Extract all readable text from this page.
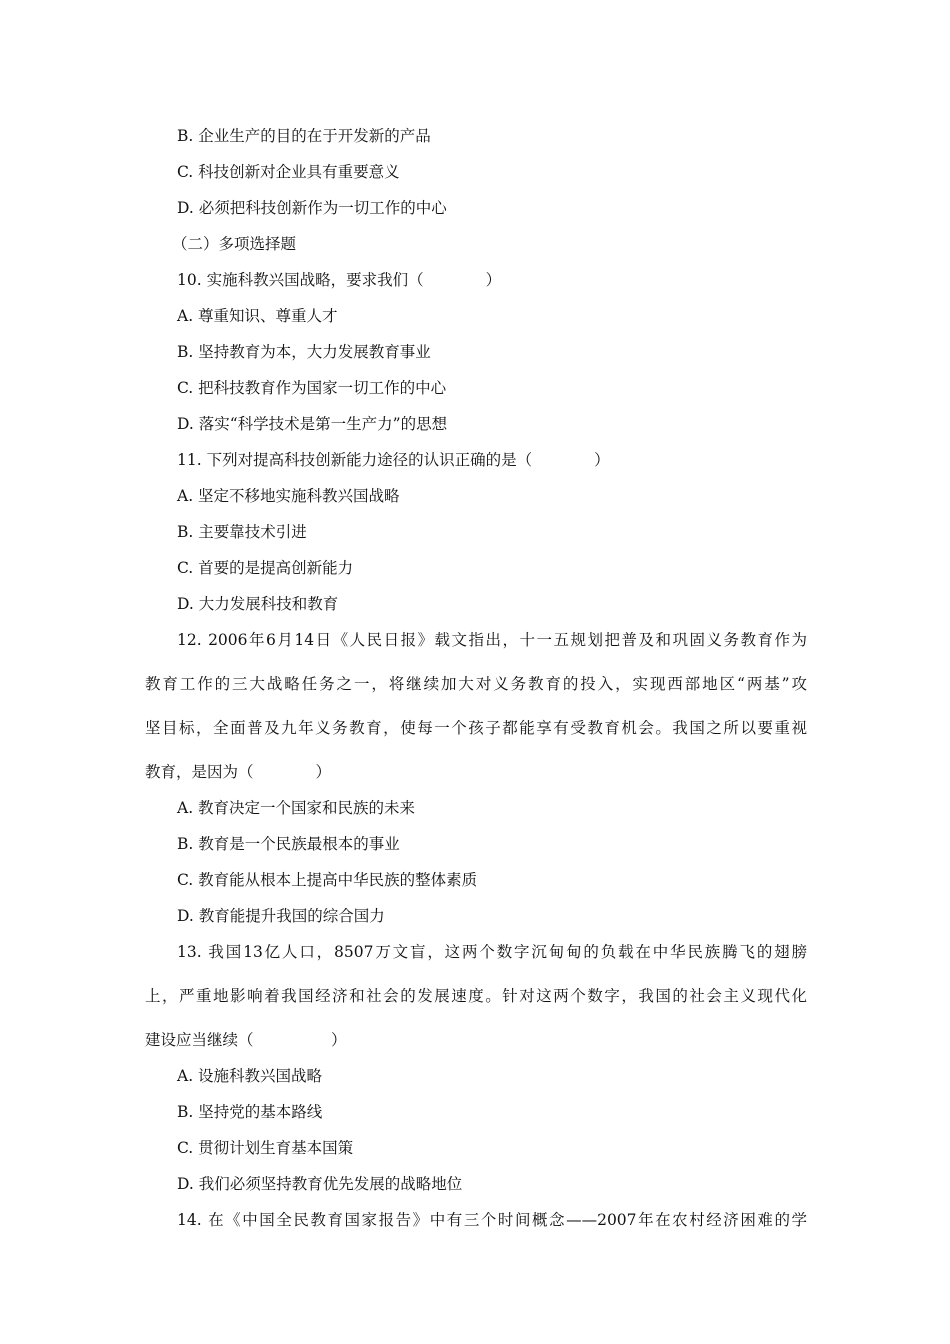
B. 企业生产的目的在于开发新的产品
C. 科技创新对企业具有重要意义
D. 必须把科技创新作为一切工作的中心
（二）多项选择题
10. 实施科教兴国战略，要求我们（　　　　）
A. 尊重知识、尊重人才
B. 坚持教育为本，大力发展教育事业
C. 把科技教育作为国家一切工作的中心
D. 落实“科学技术是第一生产力”的思想
11. 下列对提高科技创新能力途径的认识正确的是（　　　　）
A. 坚定不移地实施科教兴国战略
B. 主要靠技术引进
C. 首要的是提高创新能力
D. 大力发展科技和教育
12. 2006年6月14日《人民日报》载文指出，十一五规划把普及和巩固义务教育作为
教育工作的三大战略任务之一，将继续加大对义务教育的投入，实现西部地区“两基”攻
坚目标，全面普及九年义务教育，使每一个孩子都能享有受教育机会。我国之所以要重视
教育，是因为（　　　　）
A. 教育决定一个国家和民族的未来
B. 教育是一个民族最根本的事业
C. 教育能从根本上提高中华民族的整体素质
D. 教育能提升我国的综合国力
13. 我国13亿人口，8507万文盲，这两个数字沉甸甸的负载在中华民族腾飞的翅膀
上，严重地影响着我国经济和社会的发展速度。针对这两个数字，我国的社会主义现代化
建设应当继续（　　　　　）
A. 设施科教兴国战略
B. 坚持党的基本路线
C. 贯彻计划生育基本国策
D. 我们必须坚持教育优先发展的战略地位
14. 在《中国全民教育国家报告》中有三个时间概念——2007年在农村经济困难的学
